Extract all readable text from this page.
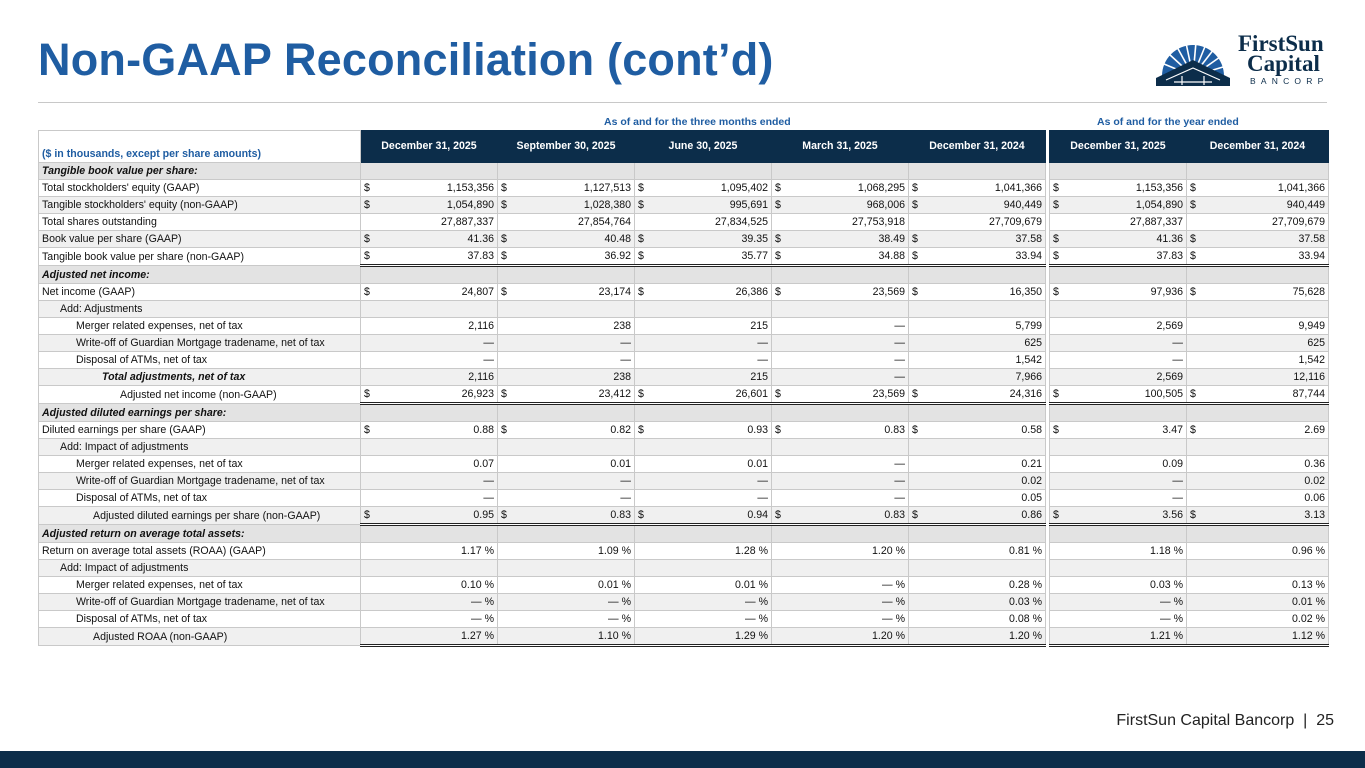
Non-GAAP Reconciliation (cont’d)	FirstSun
Capital
BANCORP
As of and for the three months ended	As of and for the year ended
($ in thousands, except per share amounts)	December 31, 2025	September 30, 2025	June 30, 2025	March 31, 2025	December 31, 2024		December 31, 2025	December 31, 2024
Tangible book value per share:								
Total stockholders' equity (GAAP)	$ 1,153,356	$ 1,127,513	$ 1,095,402	$ 1,068,295	$ 1,041,366		$ 1,153,356	$ 1,041,366
Tangible stockholders' equity (non-GAAP)	$ 1,054,890	$ 1,028,380	$ 995,691	$ 968,006	$ 940,449		$ 1,054,890	$ 940,449
Total shares outstanding	27,887,337	27,854,764	27,834,525	27,753,918	27,709,679		27,887,337	27,709,679
Book value per share (GAAP)	$ 41.36	$ 40.48	$ 39.35	$ 38.49	$ 37.58		$ 41.36	$ 37.58
Tangible book value per share (non-GAAP)	$ 37.83	$ 36.92	$ 35.77	$ 34.88	$ 33.94		$ 37.83	$ 33.94
Adjusted net income:								
Net income (GAAP)	$ 24,807	$ 23,174	$ 26,386	$ 23,569	$ 16,350		$ 97,936	$ 75,628
Add: Adjustments								
Merger related expenses, net of tax	2,116	238	215	—	5,799		2,569	9,949
Write-off of Guardian Mortgage tradename, net of tax	—	—	—	—	625		—	625
Disposal of ATMs, net of tax	—	—	—	—	1,542		—	1,542
Total adjustments, net of tax	2,116	238	215	—	7,966		2,569	12,116
Adjusted net income (non-GAAP)	$ 26,923	$ 23,412	$ 26,601	$ 23,569	$ 24,316		$ 100,505	$ 87,744
Adjusted diluted earnings per share:								
Diluted earnings per share (GAAP)	$ 0.88	$ 0.82	$ 0.93	$ 0.83	$ 0.58		$ 3.47	$ 2.69
Add: Impact of adjustments								
Merger related expenses, net of tax	0.07	0.01	0.01	—	0.21		0.09	0.36
Write-off of Guardian Mortgage tradename, net of tax	—	—	—	—	0.02		—	0.02
Disposal of ATMs, net of tax	—	—	—	—	0.05		—	0.06
Adjusted diluted earnings per share (non-GAAP)	$ 0.95	$ 0.83	$ 0.94	$ 0.83	$ 0.86		$ 3.56	$ 3.13
Adjusted return on average total assets:								
Return on average total assets (ROAA) (GAAP)	1.17 %	1.09 %	1.28 %	1.20 %	0.81 %		1.18 %	0.96 %
Add: Impact of adjustments								
Merger related expenses, net of tax	0.10 %	0.01 %	0.01 %	— %	0.28 %		0.03 %	0.13 %
Write-off of Guardian Mortgage tradename, net of tax	— %	— %	— %	— %	0.03 %		— %	0.01 %
Disposal of ATMs, net of tax	— %	— %	— %	— %	0.08 %		— %	0.02 %
Adjusted ROAA (non-GAAP)	1.27 %	1.10 %	1.29 %	1.20 %	1.20 %		1.21 %	1.12 %
FirstSun Capital Bancorp | 25
